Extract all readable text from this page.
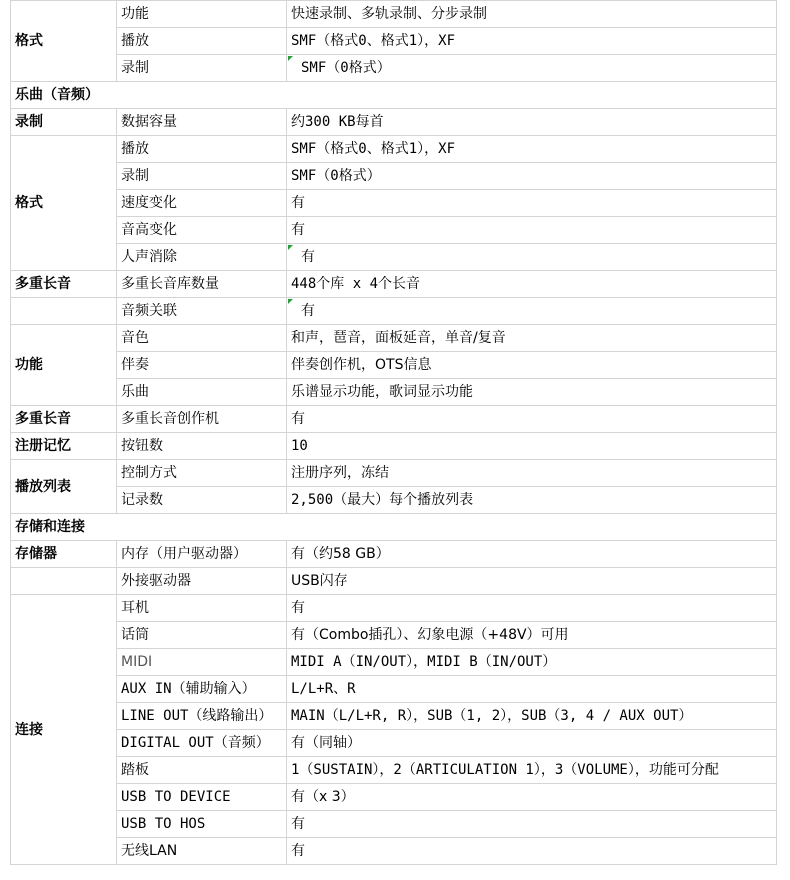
格式	功能	快速录制、多轨录制、分步录制
	播放	SMF（格式0、格式1），XF
	录制	SMF（0格式）
乐曲（音频）		
录制	数据容量	约300 KB每首
格式	播放	SMF（格式0、格式1），XF
	录制	SMF（0格式）
	速度变化	有
	音高变化	有
	人声消除	有
多重长音	多重长音库数量	448个库 x 4个长音
	音频关联	有
功能	音色	和声，琶音，面板延音，单音/复音
	伴奏	伴奏创作机，OTS信息
	乐曲	乐谱显示功能，歌词显示功能
多重长音	多重长音创作机	有
注册记忆	按钮数	10
播放列表	控制方式	注册序列，冻结
	记录数	2,500（最大）每个播放列表
存储和连接		
存储器	内存（用户驱动器）	有（约58 GB）
	外接驱动器	USB闪存
连接	耳机	有
	话筒	有（Combo插孔）、幻象电源（+48V）可用
	MIDI	MIDI A（IN/OUT），MIDI B（IN/OUT）
	AUX IN（辅助输入）	L/L+R、R
	LINE OUT（线路输出）	MAIN（L/L+R, R），SUB（1, 2），SUB（3, 4 / AUX OUT）
	DIGITAL OUT（音频）	有（同轴）
	踏板	1（SUSTAIN），2（ARTICULATION 1），3（VOLUME），功能可分配
	USB TO DEVICE	有（x 3）
	USB TO HOS	有
	无线LAN	有
